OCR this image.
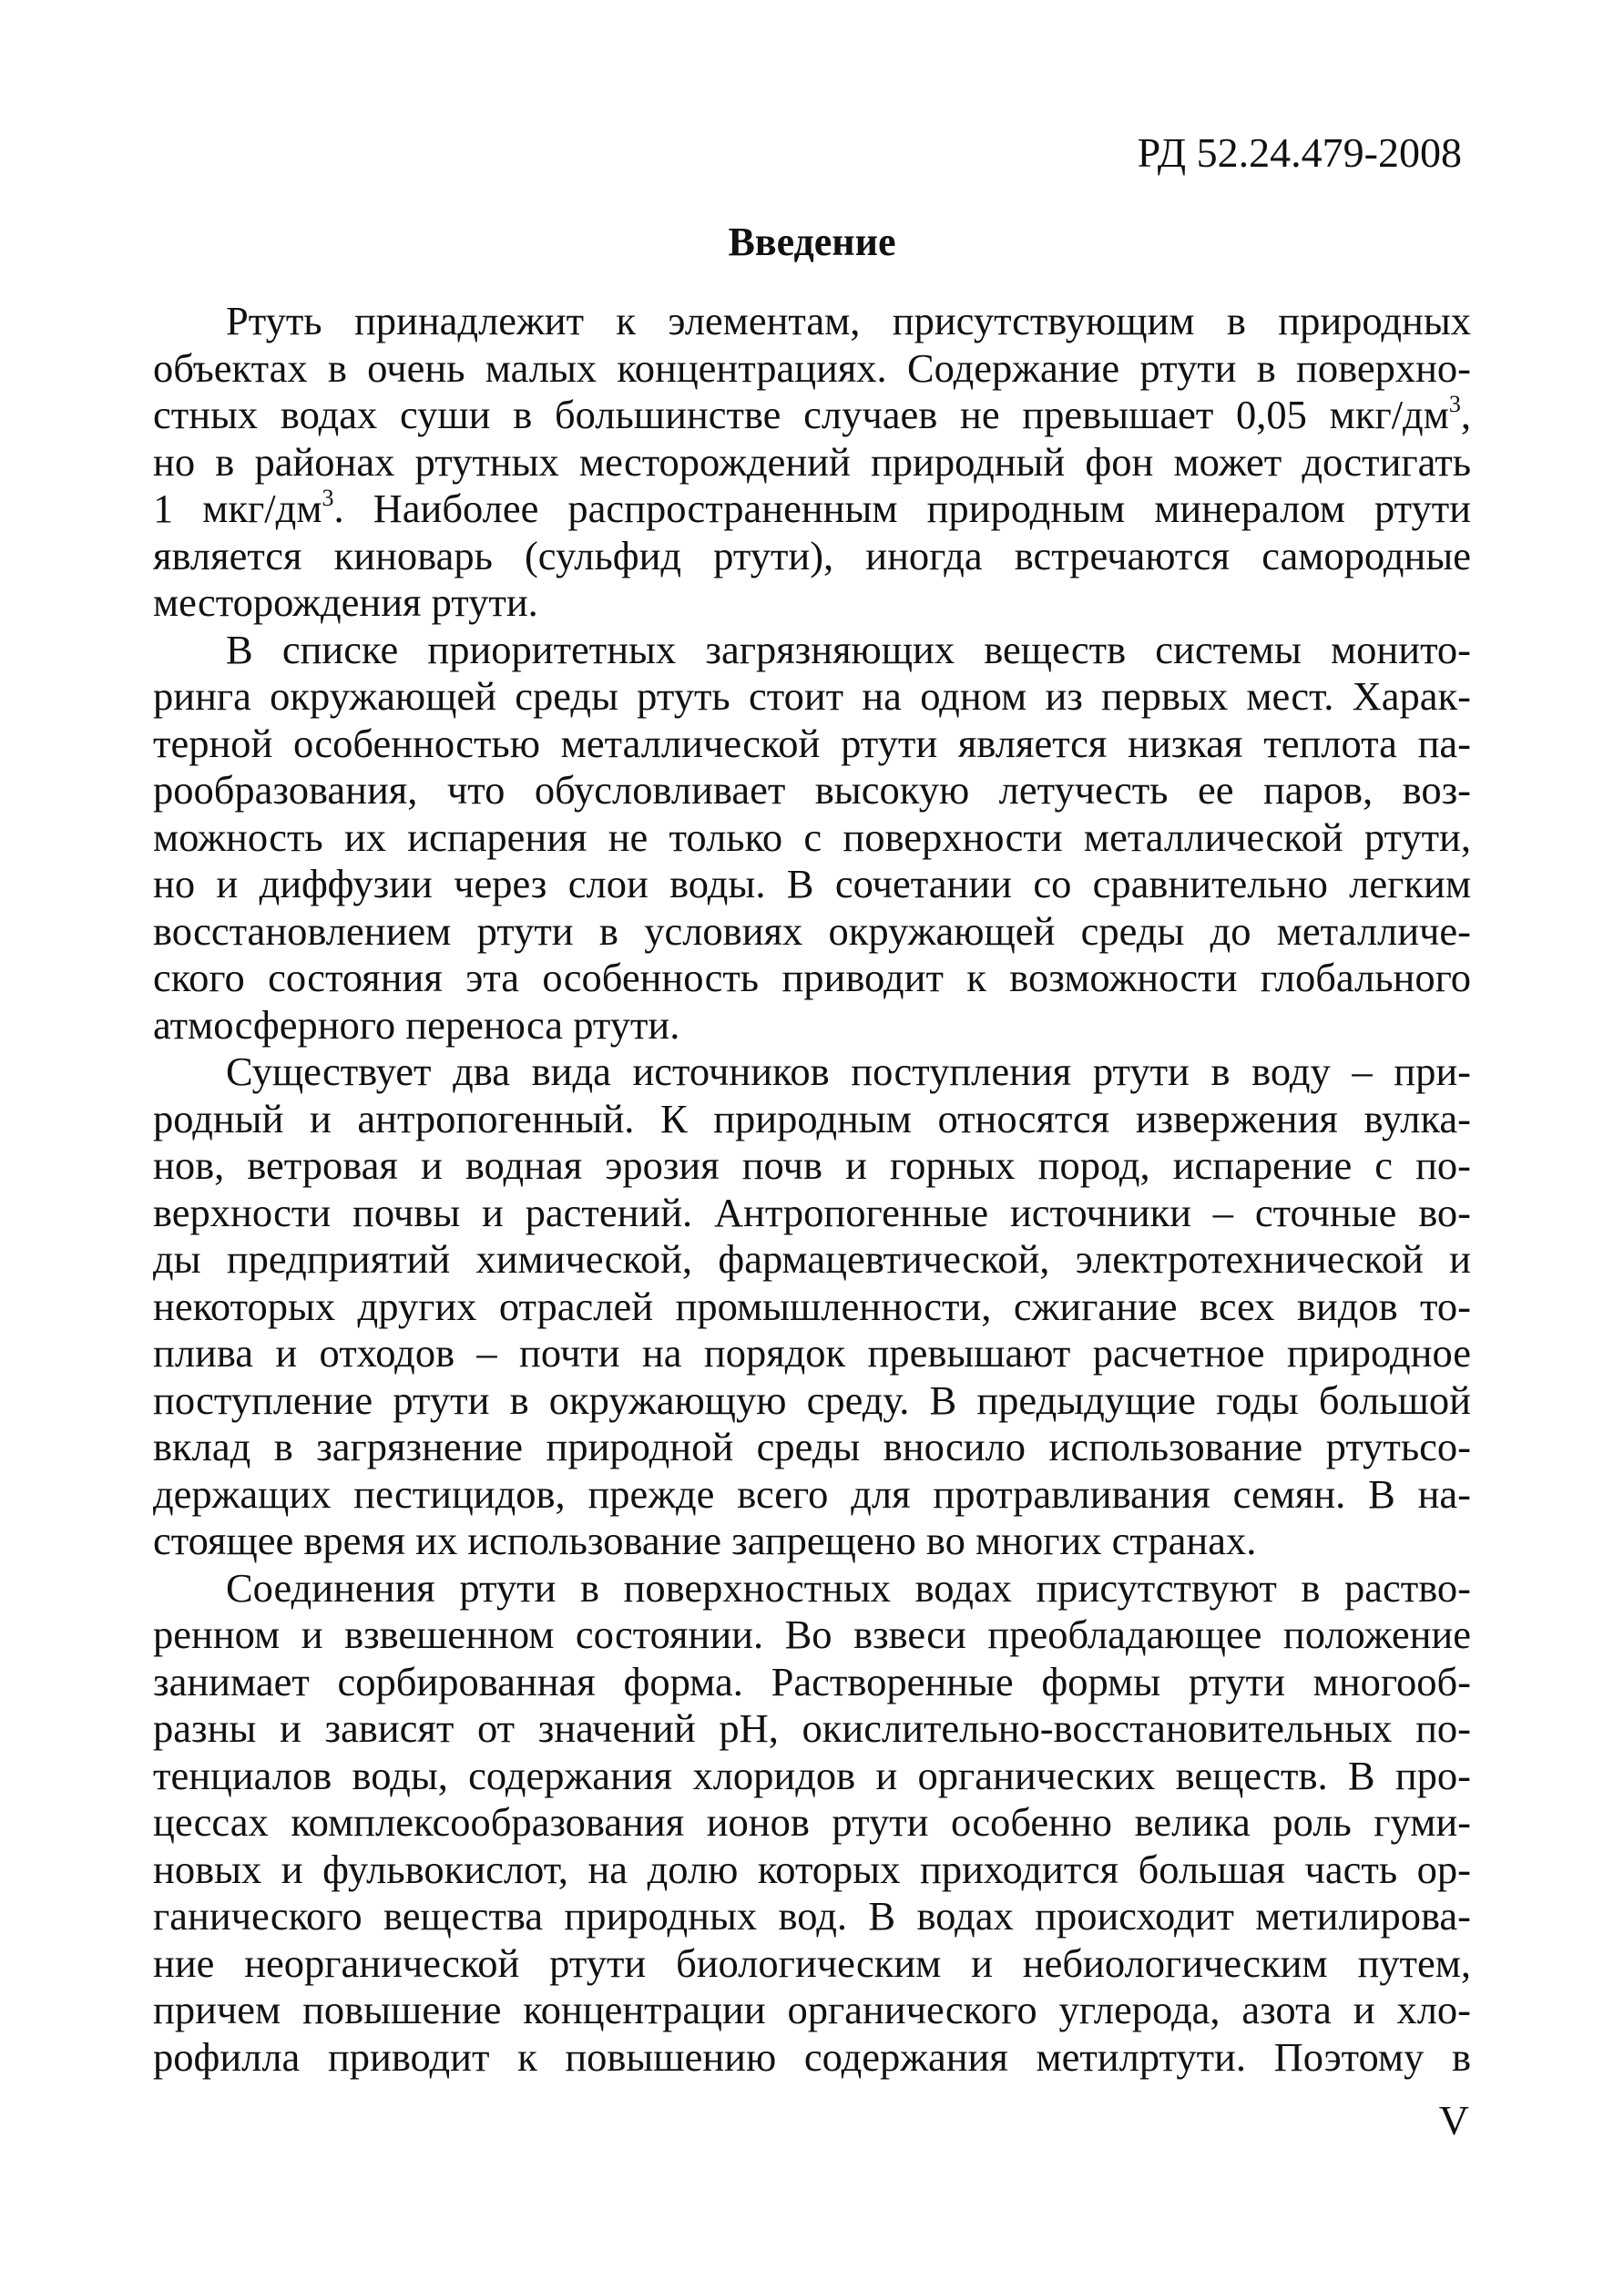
РД 52.24.479-2008
Введение
Ртуть принадлежит к элементам, присутствующим в природных
объектах в очень малых концентрациях. Содержание ртути в поверхно-
стных водах суши в большинстве случаев не превышает 0,05 мкг/$дм^3$,
но в районах ртутных месторождений природный фон может достигать
1 мкг/$дм^3$. Наиболее распространенным природным минералом ртути
является киноварь (сульфид ртути), иногда встречаются самородные
месторождения ртути.
В списке приоритетных загрязняющих веществ системы монито-
ринга окружающей среды ртуть стоит на одном из первых мест. Харак-
терной особенностью металлической ртути является низкая теплота па-
рообразования, что обусловливает высокую летучесть ее паров, воз-
можность их испарения не только с поверхности металлической ртути,
но и диффузии через слои воды. В сочетании со сравнительно легким
восстановлением ртути в условиях окружающей среды до металличе-
ского состояния эта особенность приводит к возможности глобального
атмосферного переноса ртути.
Существует два вида источников поступления ртути в воду – при-
родный и антропогенный. К природным относятся извержения вулка-
нов, ветровая и водная эрозия почв и горных пород, испарение с по-
верхности почвы и растений. Антропогенные источники – сточные во-
ды предприятий химической, фармацевтической, электротехнической и
некоторых других отраслей промышленности, сжигание всех видов то-
плива и отходов – почти на порядок превышают расчетное природное
поступление ртути в окружающую среду. В предыдущие годы большой
вклад в загрязнение природной среды вносило использование ртутьсо-
держащих пестицидов, прежде всего для протравливания семян. В на-
стоящее время их использование запрещено во многих странах.
Соединения ртути в поверхностных водах присутствуют в раство-
ренном и взвешенном состоянии. Во взвеси преобладающее положение
занимает сорбированная форма. Растворенные формы ртути многооб-
разны и зависят от значений pH, окислительно-восстановительных по-
тенциалов воды, содержания хлоридов и органических веществ. В про-
цессах комплексообразования ионов ртути особенно велика роль гуми-
новых и фульвокислот, на долю которых приходится большая часть ор-
ганического вещества природных вод. В водах происходит метилирова-
ние неорганической ртути биологическим и небиологическим путем,
причем повышение концентрации органического углерода, азота и хло-
рофилла приводит к повышению содержания метилртути. Поэтому в
V
